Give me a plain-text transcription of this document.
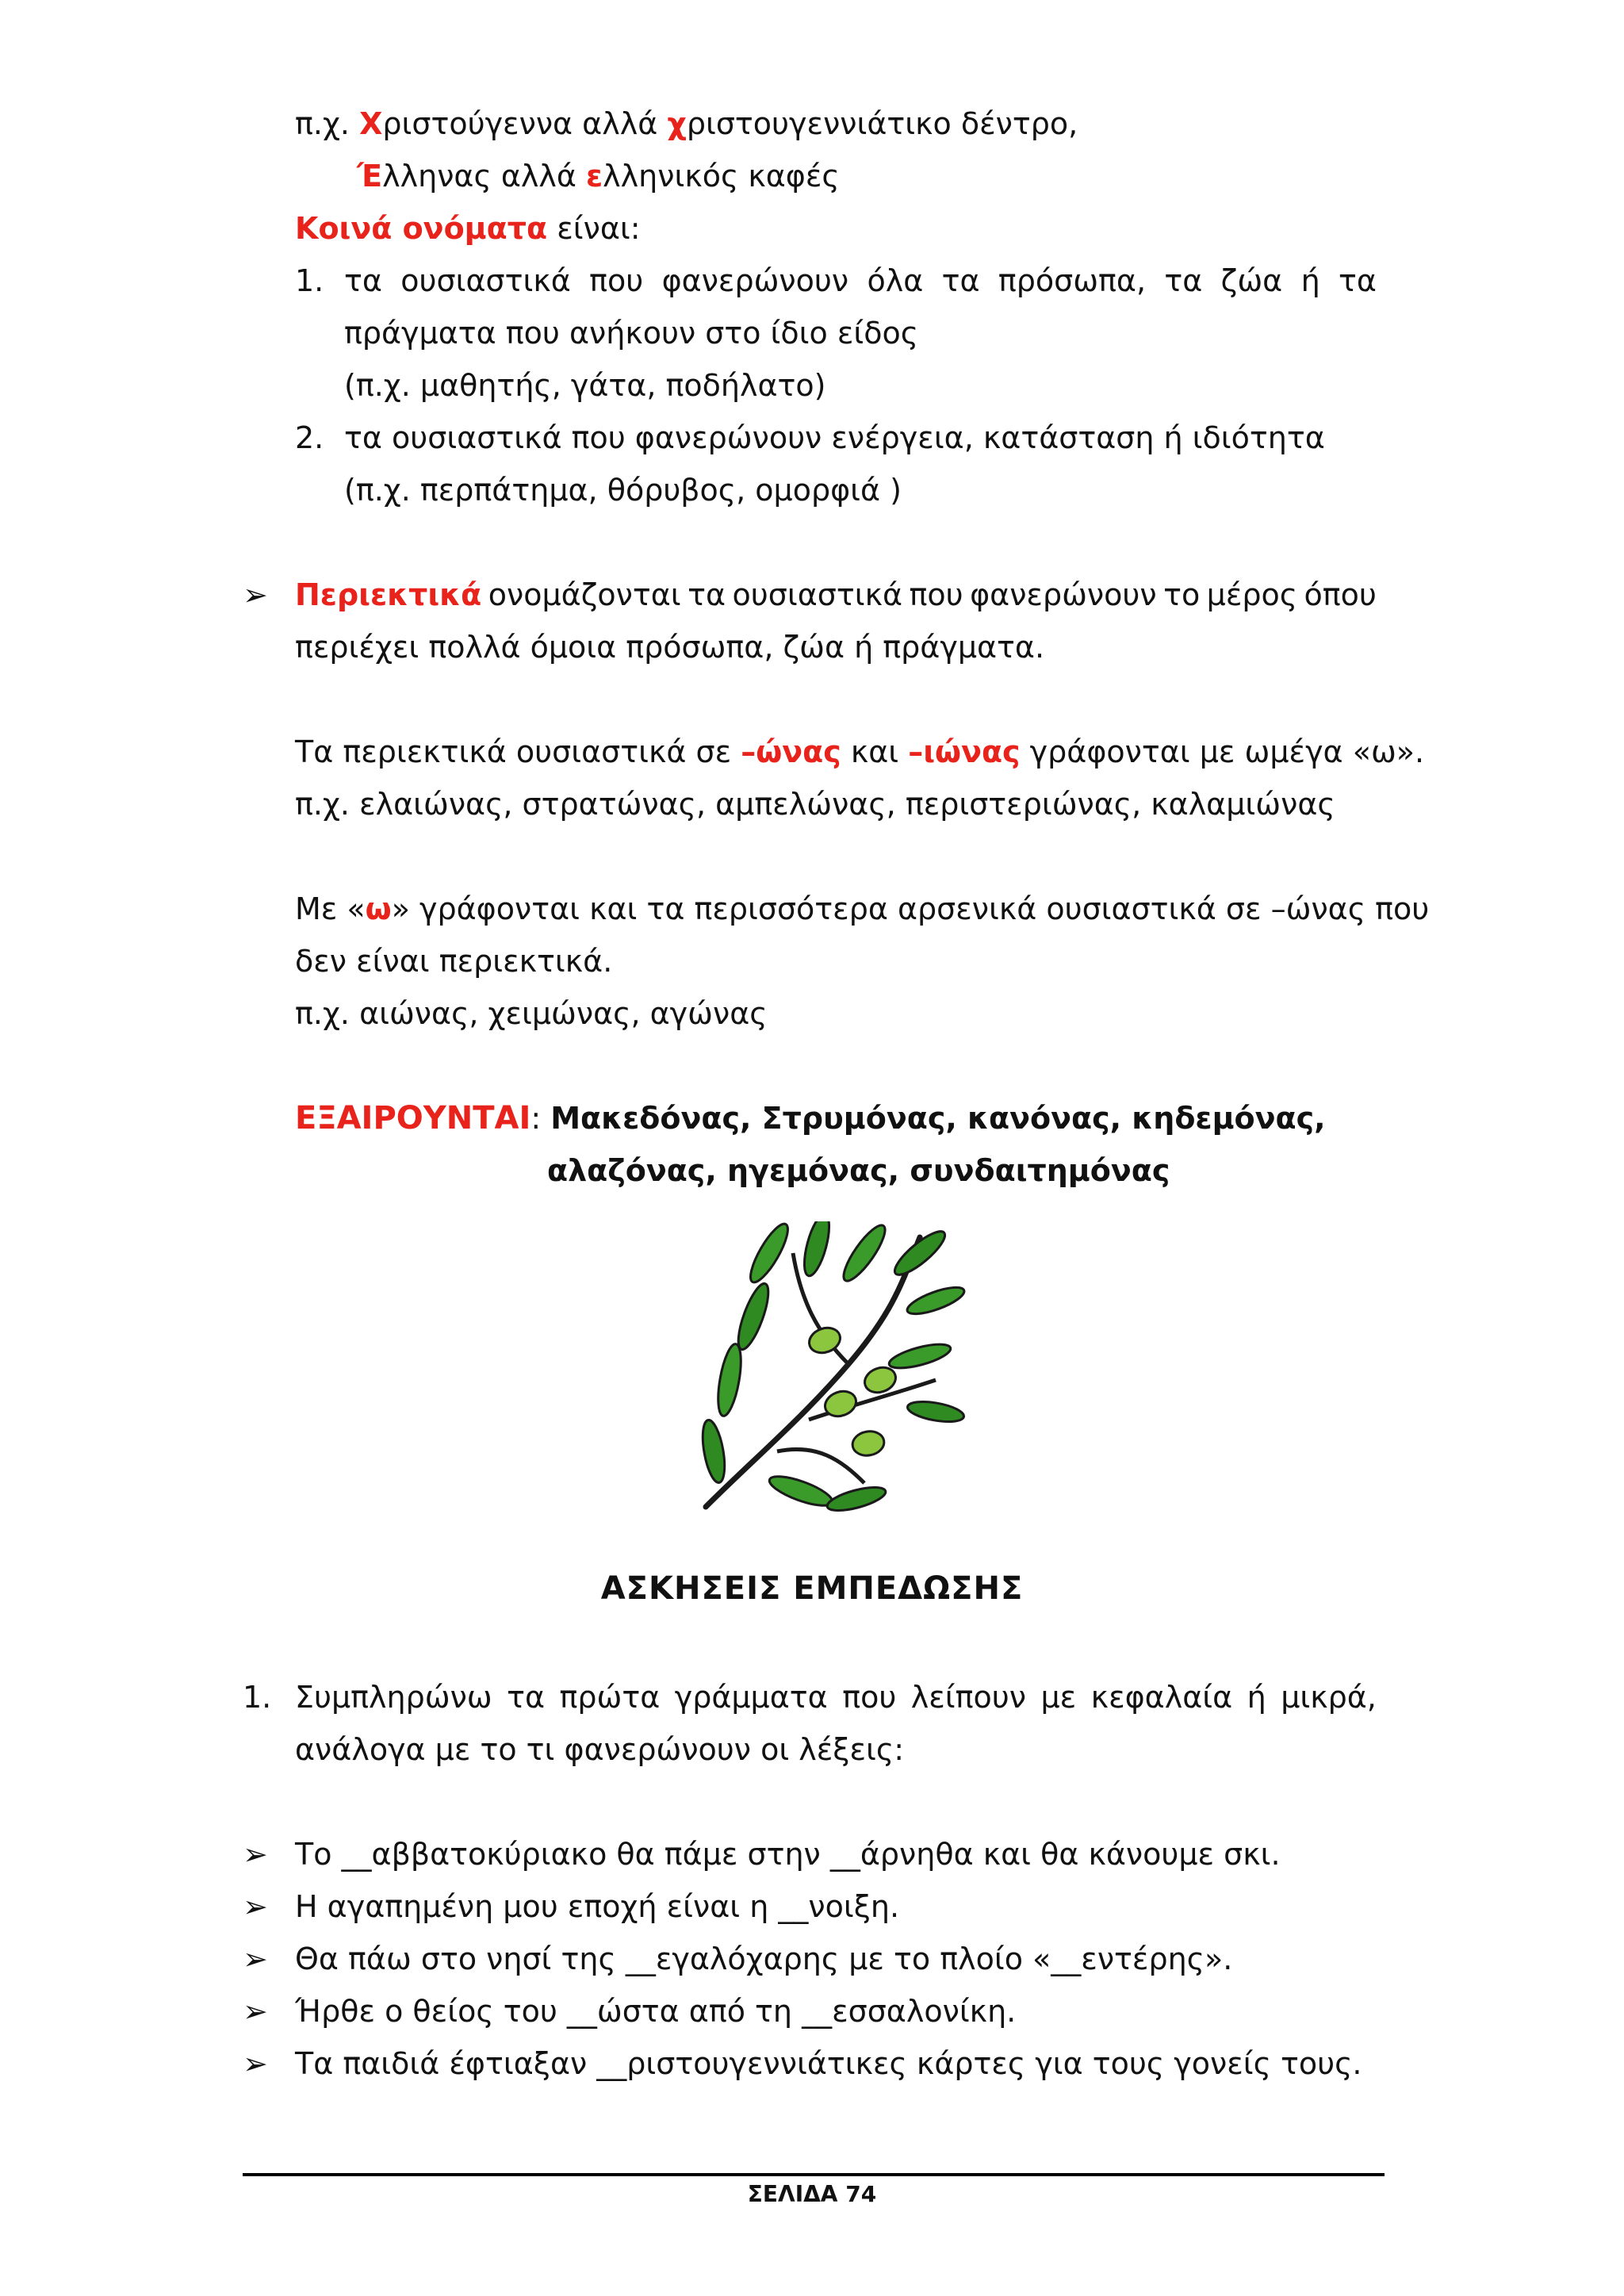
π.χ. Χριστούγεννα αλλά χριστουγεννιάτικο δέντρο,
Έλληνας αλλά ελληνικός καφές
Κοινά ονόματα είναι:
1. τα ουσιαστικά που φανερώνουν όλα τα πρόσωπα, τα ζώα ή τα
πράγματα που ανήκουν στο ίδιο είδος
(π.χ. μαθητής, γάτα, ποδήλατο)
2. τα ουσιαστικά που φανερώνουν ενέργεια, κατάσταση ή ιδιότητα
(π.χ. περπάτημα, θόρυβος, ομορφιά )
➢ Περιεκτικά ονομάζονται τα ουσιαστικά που φανερώνουν το μέρος όπου
περιέχει πολλά όμοια πρόσωπα, ζώα ή πράγματα.
Τα περιεκτικά ουσιαστικά σε –ώνας και –ιώνας γράφονται με ωμέγα «ω».
π.χ. ελαιώνας, στρατώνας, αμπελώνας, περιστεριώνας, καλαμιώνας
Με «ω» γράφονται και τα περισσότερα αρσενικά ουσιαστικά σε –ώνας που
δεν είναι περιεκτικά.
π.χ. αιώνας, χειμώνας, αγώνας
ΕΞΑΙΡΟΥΝΤΑΙ: Μακεδόνας, Στρυμόνας, κανόνας, κηδεμόνας,
αλαζόνας, ηγεμόνας, συνδαιτημόνας
ΑΣΚΗΣΕΙΣ ΕΜΠΕΔΩΣΗΣ
1. Συμπληρώνω τα πρώτα γράμματα που λείπουν με κεφαλαία ή μικρά,
ανάλογα με το τι φανερώνουν οι λέξεις:
➢ Το __αββατοκύριακο θα πάμε στην __άρνηθα και θα κάνουμε σκι.
➢ Η αγαπημένη μου εποχή είναι η __νοιξη.
➢ Θα πάω στο νησί της __εγαλόχαρης με το πλοίο «__εντέρης».
➢ Ήρθε ο θείος του __ώστα από τη __εσσαλονίκη.
➢ Τα παιδιά έφτιαξαν __ριστουγεννιάτικες κάρτες για τους γονείς τους.
ΣΕΛΙΔΑ 74
